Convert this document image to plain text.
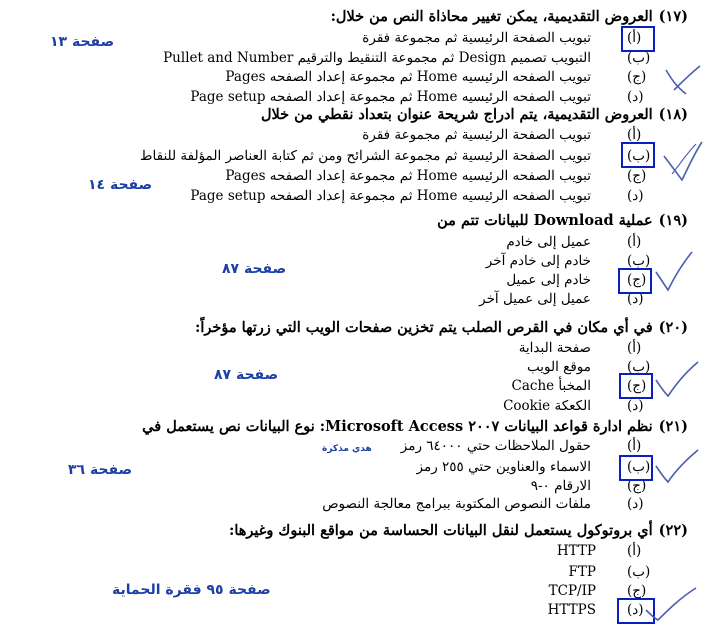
(١٧)العروض التقديمية، يمكن تغيير محاذاة النص من خلال:
تبويب الصفحة الرئيسية ثم مجموعة فقرة	(أ)
التبويب تصميم Design ثم مجموعة التنقيط والترقيم Pullet and Number	(ب)
تبويب الصفحه الرئيسيه Home ثم مجموعة إعداد الصفحه Pages	(ج)
تبويب الصفحه الرئيسيه Home ثم مجموعة إعداد الصفحه Page setup	(د)
صفحة ١٣
(١٨)العروض التقديمية، يتم ادراج شريحة عنوان بتعداد نقطي من خلال
تبويب الصفحة الرئيسية ثم مجموعة فقرة	(أ)
تبويب الصفحة الرئيسية ثم مجموعة الشرائح ومن ثم كتابة العناصر المؤلفة للنقاط	(ب)
تبويب الصفحه الرئيسيه Home ثم مجموعة إعداد الصفحه Pages	(ج)
تبويب الصفحه الرئيسيه Home ثم مجموعة إعداد الصفحه Page setup	(د)
صفحة ١٤
(١٩)عملية Download للبيانات تتم من
عميل إلى خادم	(أ)
خادم إلى خادم آخر	(ب)
خادم إلى عميل	(ج)
عميل إلى عميل آخر	(د)
صفحة ٨٧
(٢٠)في أي مكان في القرص الصلب يتم تخزين صفحات الويب التي زرتها مؤخراً:
صفحة البداية	(أ)
موقع الويب	(ب)
المخبأ Cache	(ج)
الكعكة Cookie	(د)
صفحة ٨٧
(٢١)نظم ادارة قواعد البيانات ٢٠٠٧ Microsoft Access: نوع البيانات نص يستعمل في
حقول الملاحظات حتي ٦٤٠٠٠ رمز	(أ)
الاسماء والعناوين حتي ٢٥٥ رمز	(ب)
الارقام ٠-٩	(ج)
ملفات النصوص المكتوبة ببرامج معالجة النصوص	(د)
صفحة ٣٦
هدي مذكرة
(٢٢)أي بروتوكول يستعمل لنقل البيانات الحساسة من مواقع البنوك وغيرها:
HTTP (أ)
FTP (ب)
TCP/IP (ج)
HTTPS (د)
صفحة ٩٥ فقرة الحماية
